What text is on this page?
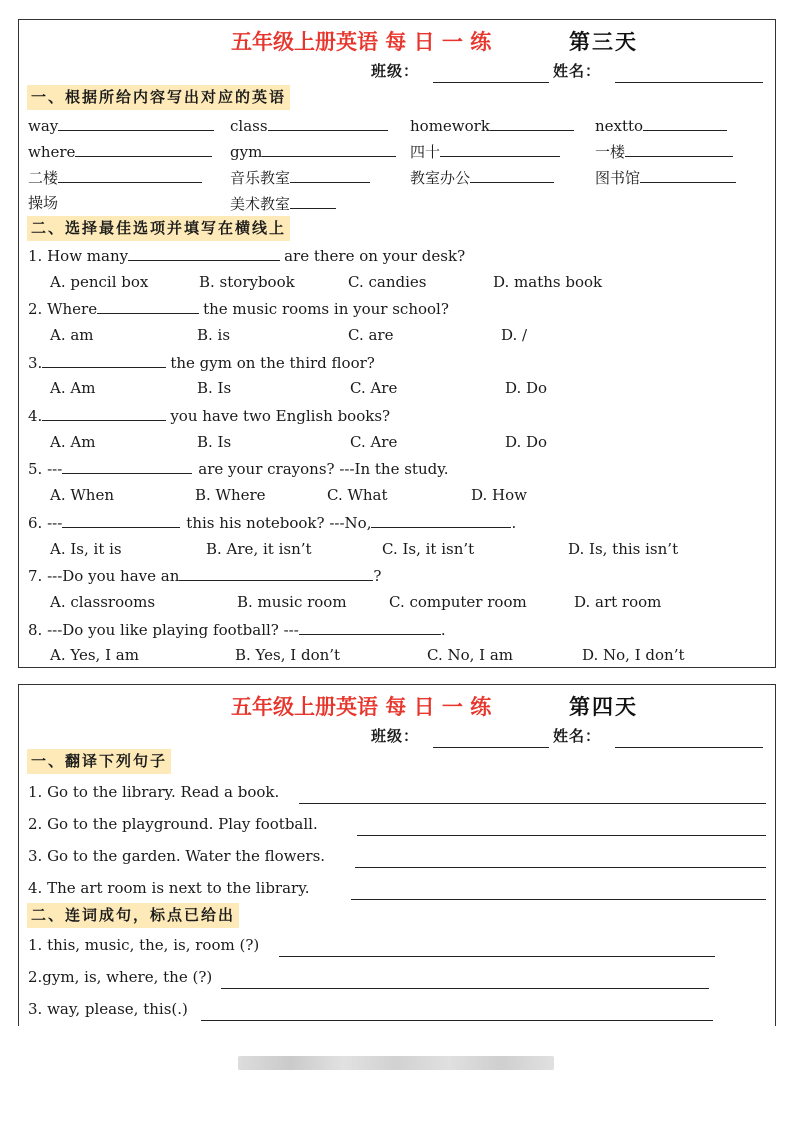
五年级上册英语 每 日 一 练	第三天
班级：	姓名：
一、根据所给内容写出对应的英语
way	class	homework	nextto
where	gym	四十	一楼
二楼	音乐教室	教室办公	图书馆
操场	美术教室
二、选择最佳选项并填写在横线上
1. How many	are there on your desk?
A. pencil box	B. storybook	C. candies	D. maths book
2. Where	the music rooms in your school?
A. am	B. is	C. are	D. /
3.	the gym on the third floor?
A. Am	B. Is	C. Are	D. Do
4.	you have two English books?
A. Am	B. Is	C. Are	D. Do
5. ---	are your crayons? ---In the study.
A. When	B. Where	C. What	D. How
6. ---	this his notebook? ---No,	.
A. Is, it is	B. Are, it isn’t	C. Is, it isn’t	D. Is, this isn’t
7. ---Do you have an	?
A. classrooms	B. music room	C. computer room	D. art room
8. ---Do you like playing football? ---	.
A. Yes, I am	B. Yes, I don’t	C. No, I am	D. No, I don’t
五年级上册英语 每 日 一 练	第四天
班级：	姓名：
一、翻译下列句子
1. Go to the library. Read a book.
2. Go to the playground. Play football.
3. Go to the garden. Water the flowers.
4. The art room is next to the library.
二、连词成句，标点已给出
1. this, music, the, is, room (?)
2.gym, is, where, the (?)
3. way, please, this(.)
